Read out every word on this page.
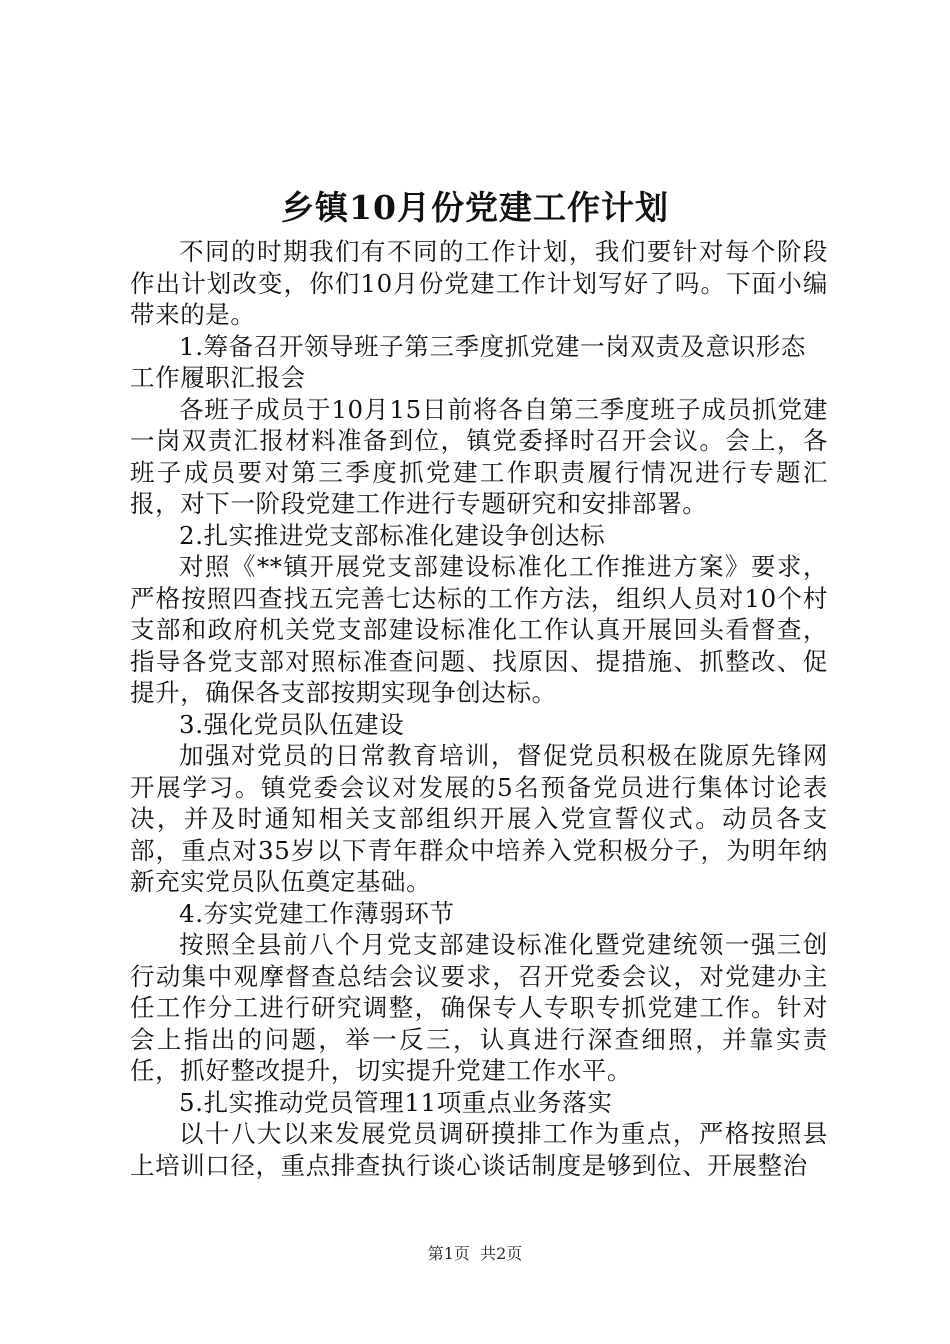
乡镇10月份党建工作计划

不同的时期我们有不同的工作计划，我们要针对每个阶段作出计划改变，你们10月份党建工作计划写好了吗。下面小编带来的是。

1.筹备召开领导班子第三季度抓党建一岗双责及意识形态工作履职汇报会

各班子成员于10月15日前将各自第三季度班子成员抓党建一岗双责汇报材料准备到位，镇党委择时召开会议。会上，各班子成员要对第三季度抓党建工作职责履行情况进行专题汇报，对下一阶段党建工作进行专题研究和安排部署。

2.扎实推进党支部标准化建设争创达标

对照《**镇开展党支部建设标准化工作推进方案》要求，严格按照四查找五完善七达标的工作方法，组织人员对10个村支部和政府机关党支部建设标准化工作认真开展回头看督查，指导各党支部对照标准查问题、找原因、提措施、抓整改、促提升，确保各支部按期实现争创达标。

3.强化党员队伍建设

加强对党员的日常教育培训，督促党员积极在陇原先锋网开展学习。镇党委会议对发展的5名预备党员进行集体讨论表决，并及时通知相关支部组织开展入党宣誓仪式。动员各支部，重点对35岁以下青年群众中培养入党积极分子，为明年纳新充实党员队伍奠定基础。

4.夯实党建工作薄弱环节

按照全县前八个月党支部建设标准化暨党建统领一强三创行动集中观摩督查总结会议要求，召开党委会议，对党建办主任工作分工进行研究调整，确保专人专职专抓党建工作。针对会上指出的问题，举一反三，认真进行深查细照，并靠实责任，抓好整改提升，切实提升党建工作水平。

5.扎实推动党员管理11项重点业务落实

以十八大以来发展党员调研摸排工作为重点，严格按照县上培训口径，重点排查执行谈心谈话制度是够到位、开展整治

第1页  共2页
